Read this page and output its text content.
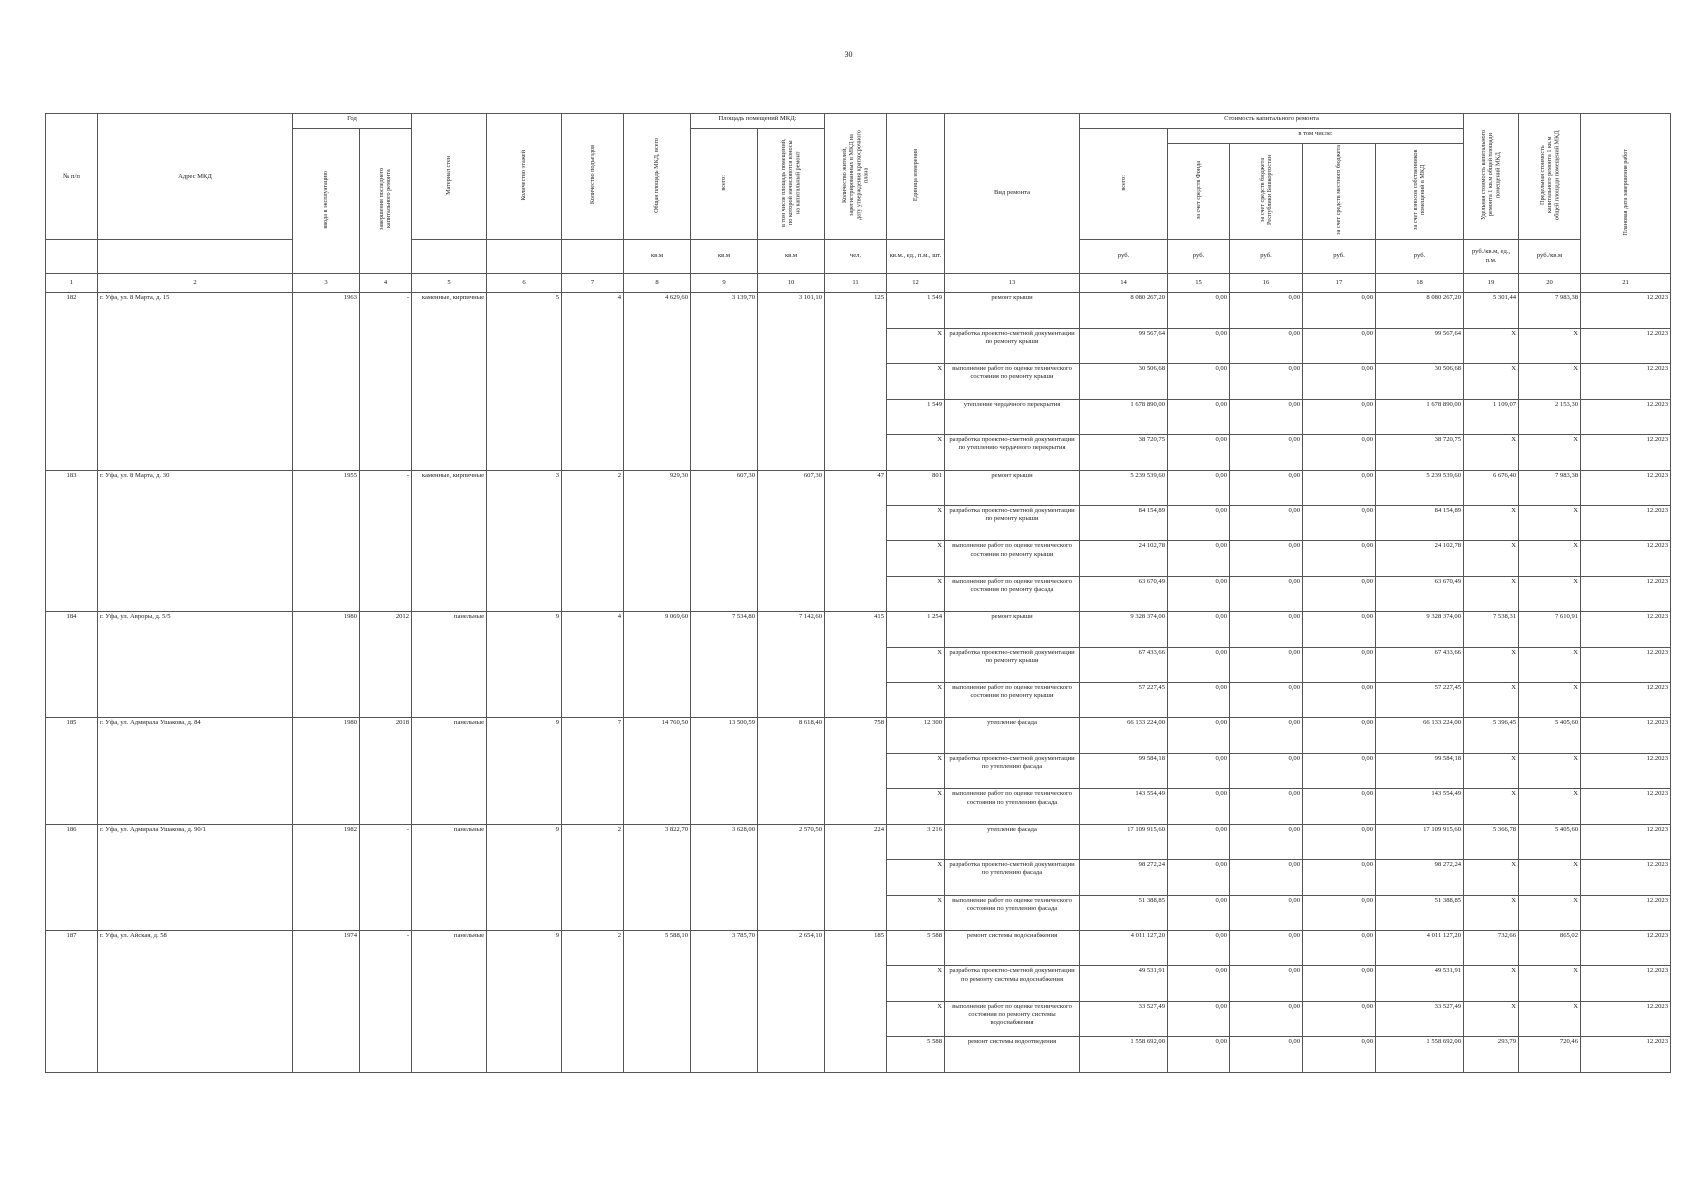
30
№ п/п	Адрес МКД	Год		Материал стен	Количество этажей	Количество подъездов	Общая площадь МКД, всего	Площадь помещений МКД:		Количество жителей, зарегистрированных в МКД на дату утверждения краткосрочного плана	Единица измерения	Вид ремонта	Стоимость капитального ремонта					Удельная стоимость капитального ремонта 1 кв.м общей площади помещений МКД	Предельная стоимость капитального ремонта 1 кв.м общей площади помещений МКД	Плановая дата завершения работ
		ввода в эксплуатацию	завершения последнего капитального ремонта					всего:	в том числе площадь помещений, по которой начисляются взносы на капитальный ремонт				всего:	в том числе:						
														за счет средств Фонда	за счет средств бюджета Республики Башкортостан	за счет средств местного бюджета	за счет взносов собственников помещений в МКД			
							кв.м	кв.м	кв.м	чел.	кв.м., ед., п.м., шт.		руб.	руб.	руб.	руб.	руб.	руб./кв.м, ед., п.м.	руб./кв.м	
1	2	3	4	5	6	7	8	9	10	11	12	13	14	15	16	17	18	19	20	21
182	г. Уфа, ул. 8 Марта, д. 15	1963	-	каменные, кирпичные	5	4	4 629,60	3 139,70	3 101,10	125	1 549	ремонт крыши	8 080 267,20	0,00	0,00	0,00	8 080 267,20	5 301,44	7 983,38	12.2023
											X	разработка проектно-сметной документации по ремонту крыши	99 567,64	0,00	0,00	0,00	99 567,64	X	X	12.2023
											X	выполнение работ по оценке технического состояния по ремонту крыши	30 506,68	0,00	0,00	0,00	30 506,68	X	X	12.2023
											1 549	утепление чердачного перекрытия	1 678 890,00	0,00	0,00	0,00	1 678 890,00	1 109,07	2 153,30	12.2023
											X	разработка проектно-сметной документации по утеплению чердачного перекрытия	38 720,75	0,00	0,00	0,00	38 720,75	X	X	12.2023
183	г. Уфа, ул. 8 Марта, д. 30	1955	-	каменные, кирпичные	3	2	929,30	607,30	607,30	47	801	ремонт крыши	5 239 539,60	0,00	0,00	0,00	5 239 539,60	6 676,40	7 983,38	12.2023
											X	разработка проектно-сметной документации по ремонту крыши	84 154,89	0,00	0,00	0,00	84 154,89	X	X	12.2023
											X	выполнение работ по оценке технического состояния по ремонту крыши	24 102,78	0,00	0,00	0,00	24 102,78	X	X	12.2023
											X	выполнение работ по оценке технического состояния по ремонту фасада	63 670,49	0,00	0,00	0,00	63 670,49	X	X	12.2023
184	г. Уфа, ул. Авроры, д. 5/5	1980	2012	панельные	9	4	9 069,60	7 534,80	7 142,60	415	1 254	ремонт крыши	9 328 374,00	0,00	0,00	0,00	9 328 374,00	7 538,31	7 610,91	12.2023
											X	разработка проектно-сметной документации по ремонту крыши	67 433,66	0,00	0,00	0,00	67 433,66	X	X	12.2023
											X	выполнение работ по оценке технического состояния по ремонту крыши	57 227,45	0,00	0,00	0,00	57 227,45	X	X	12.2023
185	г. Уфа, ул. Адмирала Ушакова, д. 84	1980	2018	панельные	9	7	14 760,50	13 500,59	8 618,40	758	12 300	утепление фасада	66 133 224,00	0,00	0,00	0,00	66 133 224,00	5 396,45	5 405,60	12.2023
											X	разработка проектно-сметной документации по утеплению фасада	99 584,18	0,00	0,00	0,00	99 584,18	X	X	12.2023
											X	выполнение работ по оценке технического состояния по утеплению фасада	143 554,49	0,00	0,00	0,00	143 554,49	X	X	12.2023
186	г. Уфа, ул. Адмирала Ушакова, д. 90/1	1982	-	панельные	9	2	3 822,70	3 628,00	2 570,50	224	3 216	утепление фасада	17 109 915,60	0,00	0,00	0,00	17 109 915,60	5 366,78	5 405,60	12.2023
											X	разработка проектно-сметной документации по утеплению фасада	98 272,24	0,00	0,00	0,00	98 272,24	X	X	12.2023
											X	выполнение работ по оценке технического состояния по утеплению фасада	51 388,85	0,00	0,00	0,00	51 388,85	X	X	12.2023
187	г. Уфа, ул. Айская, д. 58	1974	-	панельные	9	2	5 588,10	3 785,70	2 654,10	185	5 588	ремонт системы водоснабжения	4 011 127,20	0,00	0,00	0,00	4 011 127,20	732,66	865,02	12.2023
											X	разработка проектно-сметной документации по ремонту системы водоснабжения	49 531,91	0,00	0,00	0,00	49 531,91	X	X	12.2023
											X	выполнение работ по оценке технического состояния по ремонту системы водоснабжения	33 527,49	0,00	0,00	0,00	33 527,49	X	X	12.2023
											5 588	ремонт системы водоотведения	1 558 692,00	0,00	0,00	0,00	1 558 692,00	293,79	720,46	12.2023
